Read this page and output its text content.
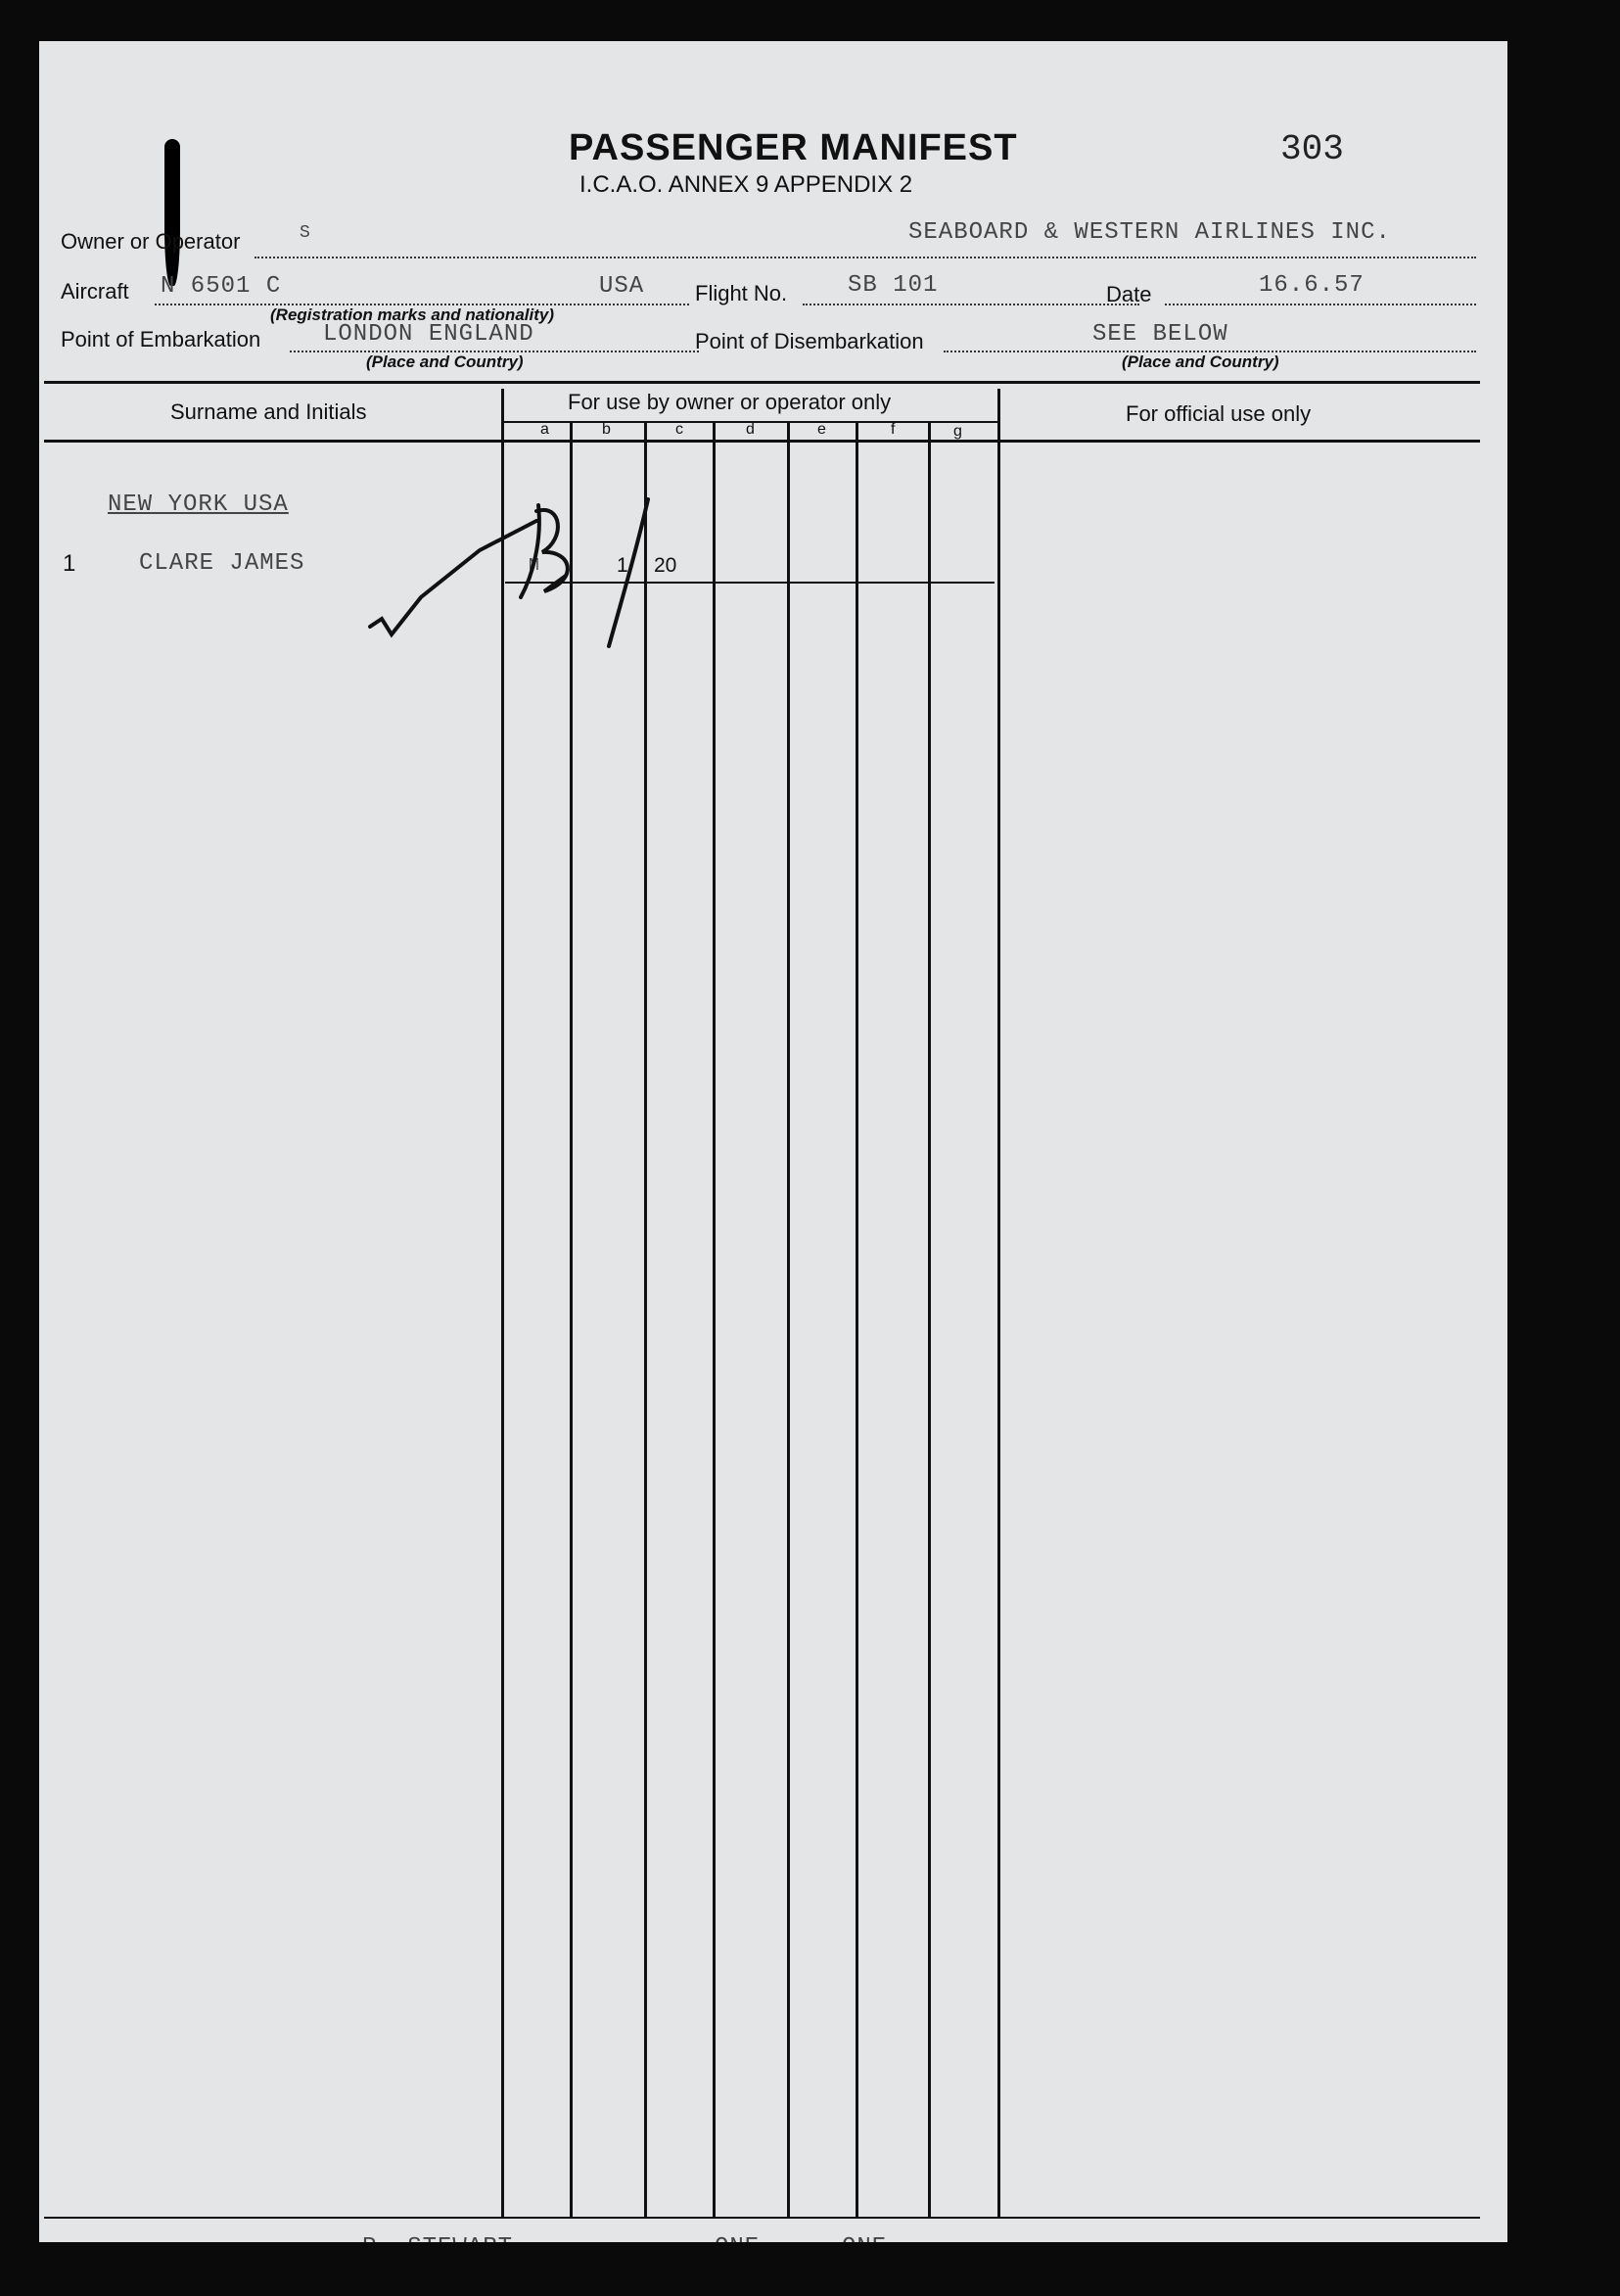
PASSENGER MANIFEST
I.C.A.O. ANNEX 9 APPENDIX 2
303
Owner or Operator	S	SEABOARD & WESTERN AIRLINES INC.
Aircraft N 6501 C	USA
(Registration marks and nationality)
Flight No.	SB 101	Date	16.6.57
Point of Embarkation	LONDON ENGLAND
(Place and Country)
Point of Disembarkation	SEE BELOW
(Place and Country)
Surname and Initials	For use by owner or operator only	For official use only
a	b	c	d	e	f	g
NEW YORK USA
1	CLARE JAMES	M	1 20
